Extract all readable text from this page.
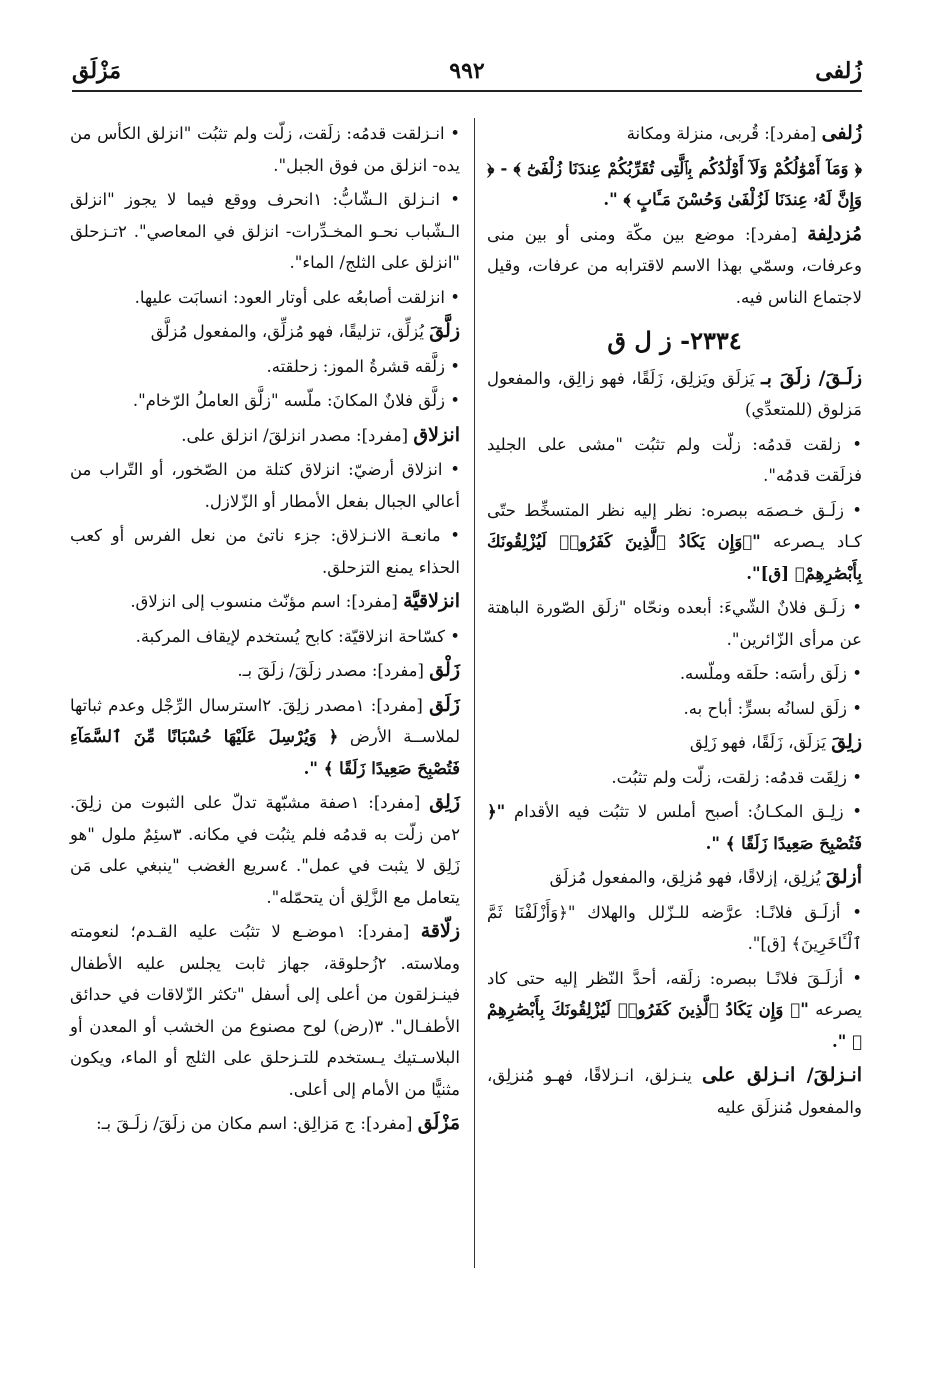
زُلفى
٩٩٢
مَزْلَق

زُلفى [مفرد]: قُربى، منزلة ومكانة

﴿ وَمَآ أَمْوَٰلُكُمْ وَلَآ أَوْلَٰدُكُم بِٱلَّتِى تُقَرِّبُكُمْ عِندَنَا زُلْفَىٰٓ ﴾ - ﴿ وَإِنَّ لَهُۥ عِندَنَا لَزُلْفَىٰ وَحُسْنَ مَـَٔابٍ ﴾ ".

مُزدلِفة [مفرد]: موضع بين مكّة ومنى أو بين منى وعرفات، وسمّي بهذا الاسم لاقترابه من عرفات، وقيل لاجتماع الناس فيه.

٢٣٣٤- ز ل ق

زلَـقَ/ زلَقَ بـ يَزلَق ويَزلِق، زَلَقًا، فهو زالِق، والمفعول مَزلوق (للمتعدِّي)

• زلقت قدمُه: زلّت ولم تثبُت "مشى على الجليد فزلَقت قدمُه".

• زلَـق خـصمَه ببصره: نظر إليه نظر المتسخِّط حتّى كـاد يـصرعه "﴿وَإِن يَكَادُ ٱلَّذِينَ كَفَرُوا۟ لَيُزْلِقُونَكَ بِأَبْصَٰرِهِمْ﴾ [ق]".

• زلَـق فلانٌ الشّيءَ: أبعده ونحّاه "زلَق الصّورة الباهتة عن مرأى الزّائرين".

• زلَق رأسَه: حلَقه وملّسه.

• زلَق لسانُه بسرٍّ: أباح به.

زلِقَ يَزلَق، زَلَقًا، فهو زَلِق

• زلِقَت قدمُه: زلقت، زلّت ولم تثبُت.

• زلِـق المكـانُ: أصبح أملس لا تثبُت فيه الأقدام "﴿ فَتُصْبِحَ صَعِيدًا زَلَقًا ﴾ ".

أزلقَ يُزلِق، إزلاقًا، فهو مُزلِق، والمفعول مُزلَق

• أزلَـق فلانًـا: عرَّضه للـزّلل والهلاك "﴿وَأَزْلَفْنَا ثَمَّ ٱلْـَٔاخَرِينَ﴾ [ق]".

• أزلَـقَ فلانًـا ببصره: زلَقه، أحدَّ النّظر إليه حتى كاد يصرعه "﴿ وَإِن يَكَادُ ٱلَّذِينَ كَفَرُوا۟ لَيُزْلِقُونَكَ بِأَبْصَٰرِهِمْ ﴾ ".

انـزلقَ/ انـزلق على ينـزلق، انـزلاقًا، فهـو مُنزلِق، والمفعول مُنزلَق عليه

• انـزلقت قدمُه: زلَقت، زلّت ولم تثبُت "انزلق الكأس من يده- انزلق من فوق الجبل".

• انـزلق الـشّابُّ: ١انحرف ووقع فيما لا يجوز "انزلق الـشّباب نحـو المخـدِّرات- انزلق في المعاصي". ٢تـزحلق "انزلق على الثلج/ الماء".

• انزلقت أصابعُه على أوتار العود: انسابَت عليها.

زلَّقَ يُزلِّق، تزليقًا، فهو مُزلِّق، والمفعول مُزلَّق

• زلَّقه قشرةُ الموز: زحلقته.

• زلَّق فلانٌ المكانَ: ملّسه "زلَّق العاملُ الرّخام".

انزلاق [مفرد]: مصدر انزلقَ/ انزلق على.

• انزلاق أرضيّ: انزلاق كتلة من الصّخور، أو التّراب من أعالي الجبال بفعل الأمطار أو الزّلازل.

• مانعـة الانـزلاق: جزء ناتئ من نعل الفرس أو كعب الحذاء يمنع التزحلق.

انزلاقيَّة [مفرد]: اسم مؤنّث منسوب إلى انزلاق.

• كسّاحة انزلاقيّة: كابح يُستخدم لإيقاف المركبة.

زَلْق [مفرد]: مصدر زلَقَ/ زلَقَ بـ.

زَلَق [مفرد]: ١مصدر زلِقَ. ٢استرسال الرِّجْل وعدم ثباتها لملاســة الأرض ﴿ وَيُرْسِلَ عَلَيْهَا حُسْبَانًا مِّنَ ٱلسَّمَآءِ فَتُصْبِحَ صَعِيدًا زَلَقًا ﴾ ".

زَلِق [مفرد]: ١صفة مشبّهة تدلّ على الثبوت من زلِقَ. ٢من زلّت به قدمُه فلم يثبُت في مكانه. ٣سئِمٌ ملول "هو زَلِق لا يثبت في عمل". ٤سريع الغضب "ينبغي على مَن يتعامل مع الزَّلِق أن يتحمّله".

زلّاقة [مفرد]: ١موضـع لا تثبُت عليه القـدم؛ لنعومته وملاسته. ٢زُحلوقة، جهاز ثابت يجلس عليه الأطفال فينـزلقون من أعلى إلى أسفل "تكثر الزّلاقات في حدائق الأطفـال". ٣(رض) لوح مصنوع من الخشب أو المعدن أو البلاسـتيك يـستخدم للتـزحلق على الثلج أو الماء، ويكون مثنيًّا من الأمام إلى أعلى.

مَزْلَق [مفرد]: ج مَزالِق: اسم مكان من زلَقَ/ زلَـقَ بـ:
